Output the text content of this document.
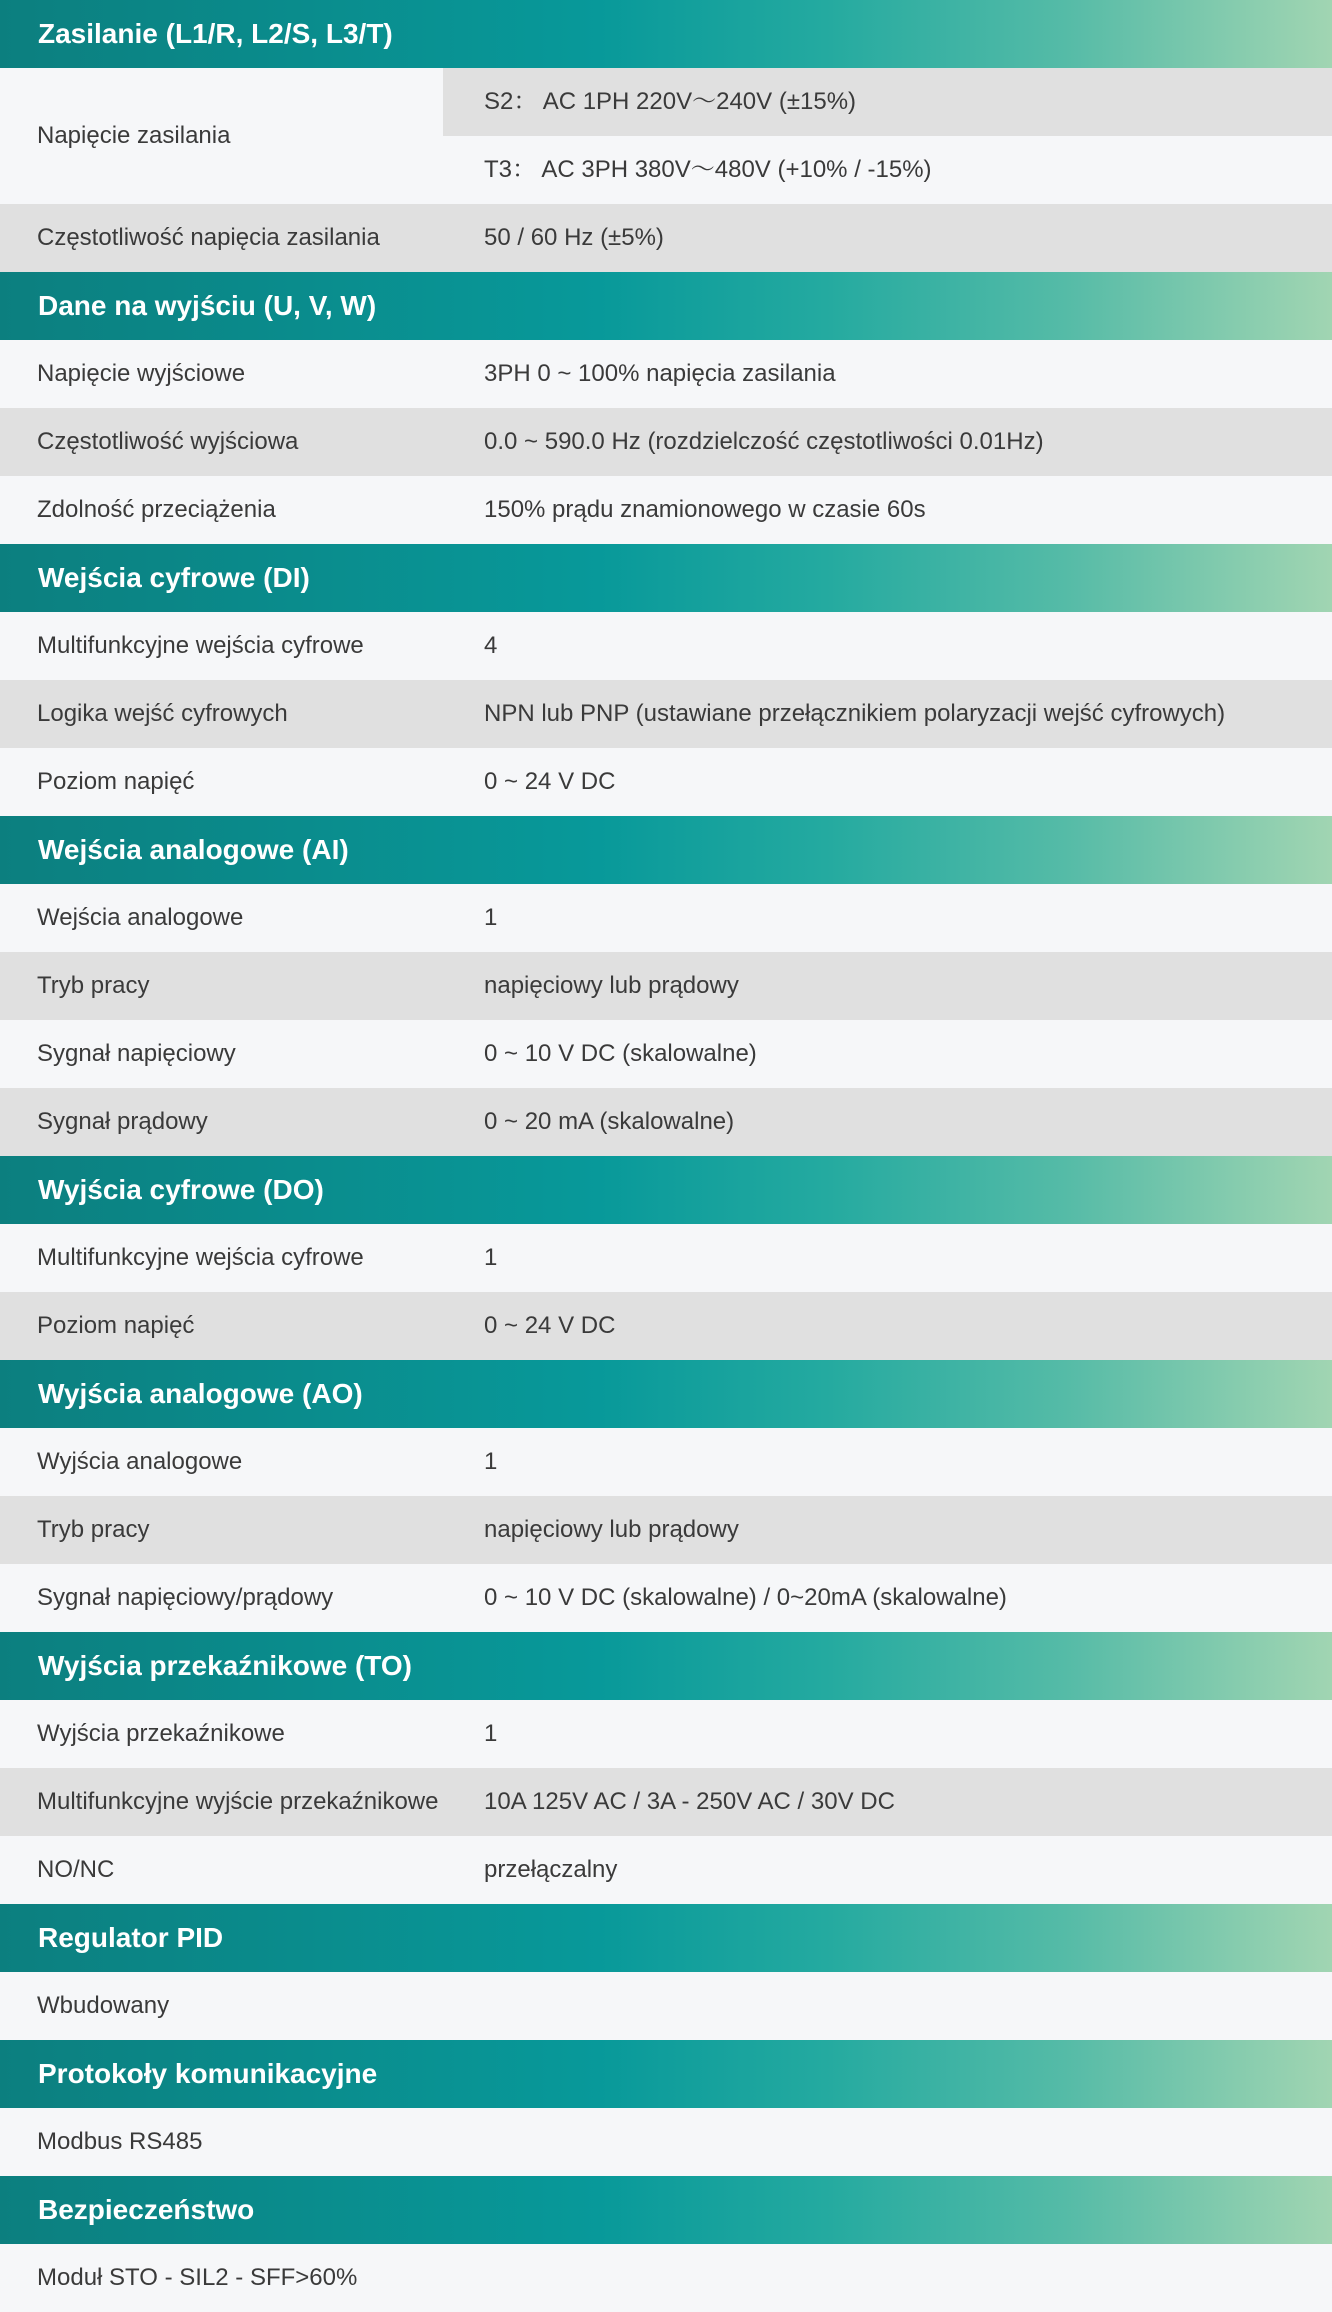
Zasilanie (L1/R, L2/S, L3/T)
Napięcie zasilania
S2： AC 1PH 220V～240V (±15%)
T3： AC 3PH 380V～480V (+10% / -15%)
Częstotliwość napięcia zasilania	50 / 60 Hz (±5%)
Dane na wyjściu (U, V, W)
Napięcie wyjściowe	3PH 0 ~ 100% napięcia zasilania
Częstotliwość wyjściowa	0.0 ~ 590.0 Hz (rozdzielczość częstotliwości 0.01Hz)
Zdolność przeciążenia	150% prądu znamionowego w czasie 60s
Wejścia cyfrowe (DI)
Multifunkcyjne wejścia cyfrowe	4
Logika wejść cyfrowych	NPN lub PNP (ustawiane przełącznikiem polaryzacji wejść cyfrowych)
Poziom napięć	0 ~ 24 V DC
Wejścia analogowe (AI)
Wejścia analogowe	1
Tryb pracy	napięciowy lub prądowy
Sygnał napięciowy	0 ~ 10 V DC (skalowalne)
Sygnał prądowy	0 ~ 20 mA (skalowalne)
Wyjścia cyfrowe (DO)
Multifunkcyjne wejścia cyfrowe	1
Poziom napięć	0 ~ 24 V DC
Wyjścia analogowe (AO)
Wyjścia analogowe	1
Tryb pracy	napięciowy lub prądowy
Sygnał napięciowy/prądowy	0 ~ 10 V DC (skalowalne) / 0~20mA (skalowalne)
Wyjścia przekaźnikowe (TO)
Wyjścia przekaźnikowe	1
Multifunkcyjne wyjście przekaźnikowe 10A 125V AC / 3A - 250V AC / 30V DC
NO/NC	przełączalny
Regulator PID
Wbudowany
Protokoły komunikacyjne
Modbus RS485
Bezpieczeństwo
Moduł STO - SIL2 - SFF>60%
